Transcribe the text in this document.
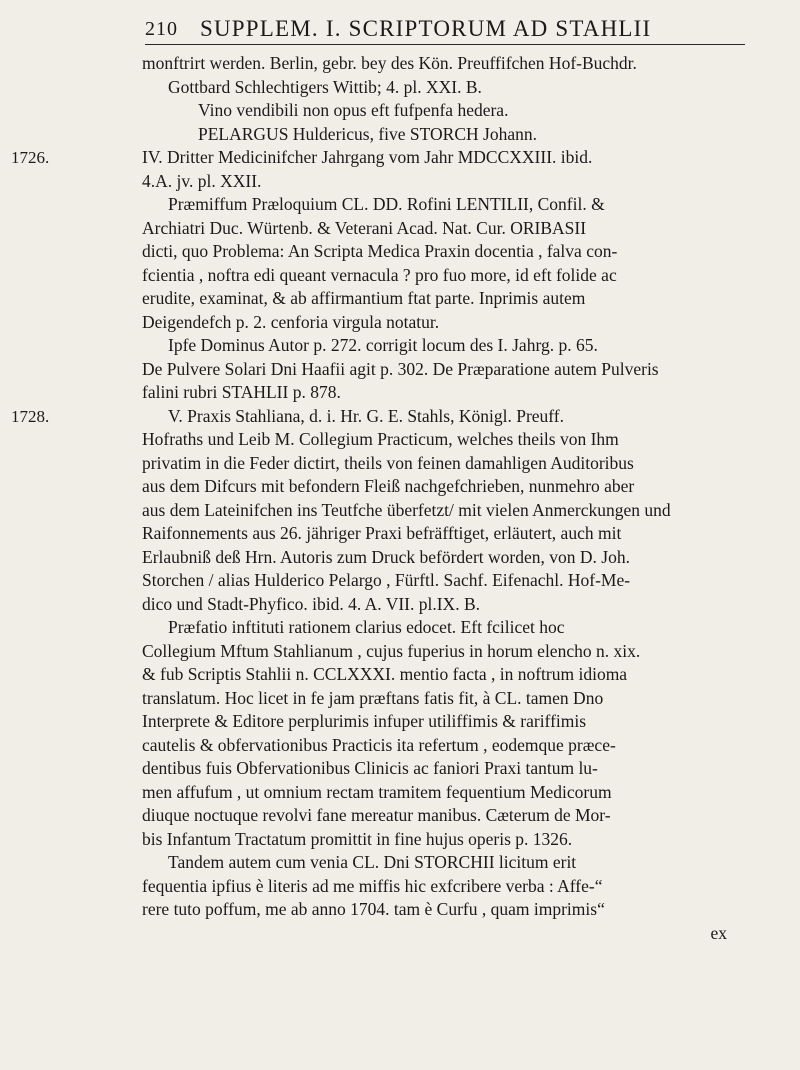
210 SUPPLEM. I. SCRIPTORUM AD STAHLII
monftrirt werden. Berlin, gebr. bey des Kön. Preuffifchen Hof-Buchdr.
Gottbard Schlechtigers Wittib; 4. pl. XXI. B.
Vino vendibili non opus eft fufpenfa hedera.
PELARGUS Huldericus, five STORCH Johann.
1726.	IV. Dritter Medicinifcher Jahrgang vom Jahr MDCCXXIII. ibid.
4.A. jv. pl. XXII.
Præmiffum Præloquium CL. DD. Rofini LENTILII, Confil. &
Archiatri Duc. Würtenb. & Veterani Acad. Nat. Cur. ORIBASII
dicti, quo Problema: An Scripta Medica Praxin docentia , falva con-
fcientia , noftra edi queant vernacula ? pro fuo more, id eft folide ac
erudite, examinat, & ab affirmantium ftat parte. Inprimis autem
Deigendefch p. 2. cenforia virgula notatur.
Ipfe Dominus Autor p. 272. corrigit locum des I. Jahrg. p. 65.
De Pulvere Solari Dni Haafii agit p. 302. De Præparatione autem Pulveris
falini rubri STAHLII p. 878.
1728.	V. Praxis Stahliana, d. i. Hr. G. E. Stahls, Königl. Preuff.
Hofraths und Leib M. Collegium Practicum, welches theils von Ihm
privatim in die Feder dictirt, theils von feinen damahligen Auditoribus
aus dem Difcurs mit befondern Fleiß nachgefchrieben, nunmehro aber
aus dem Lateinifchen ins Teutfche überfetzt/ mit vielen Anmerckungen und
Raifonnements aus 26. jähriger Praxi befräfftiget, erläutert, auch mit
Erlaubniß deß Hrn. Autoris zum Druck befördert worden, von D. Joh.
Storchen / alias Hulderico Pelargo , Fürftl. Sachf. Eifenachl. Hof-Me-
dico und Stadt-Phyfico. ibid. 4. A. VII. pl.IX. B.
Præfatio inftituti rationem clarius edocet. Eft fcilicet hoc
Collegium Mftum Stahlianum , cujus fuperius in horum elencho n. xix.
& fub Scriptis Stahlii n. CCLXXXI. mentio facta , in noftrum idioma
translatum. Hoc licet in fe jam præftans fatis fit, à CL. tamen Dno
Interprete & Editore perplurimis infuper utiliffimis & rariffimis
cautelis & obfervationibus Practicis ita refertum , eodemque præce-
dentibus fuis Obfervationibus Clinicis ac faniori Praxi tantum lu-
men affufum , ut omnium rectam tramitem fequentium Medicorum
diuque noctuque revolvi fane mereatur manibus. Cæterum de Mor-
bis Infantum Tractatum promittit in fine hujus operis p. 1326.
Tandem autem cum venia CL. Dni STORCHII licitum erit
fequentia ipfius è literis ad me miffis hic exfcribere verba : Affe-“
rere tuto poffum, me ab anno 1704. tam è Curfu , quam imprimis“
ex
